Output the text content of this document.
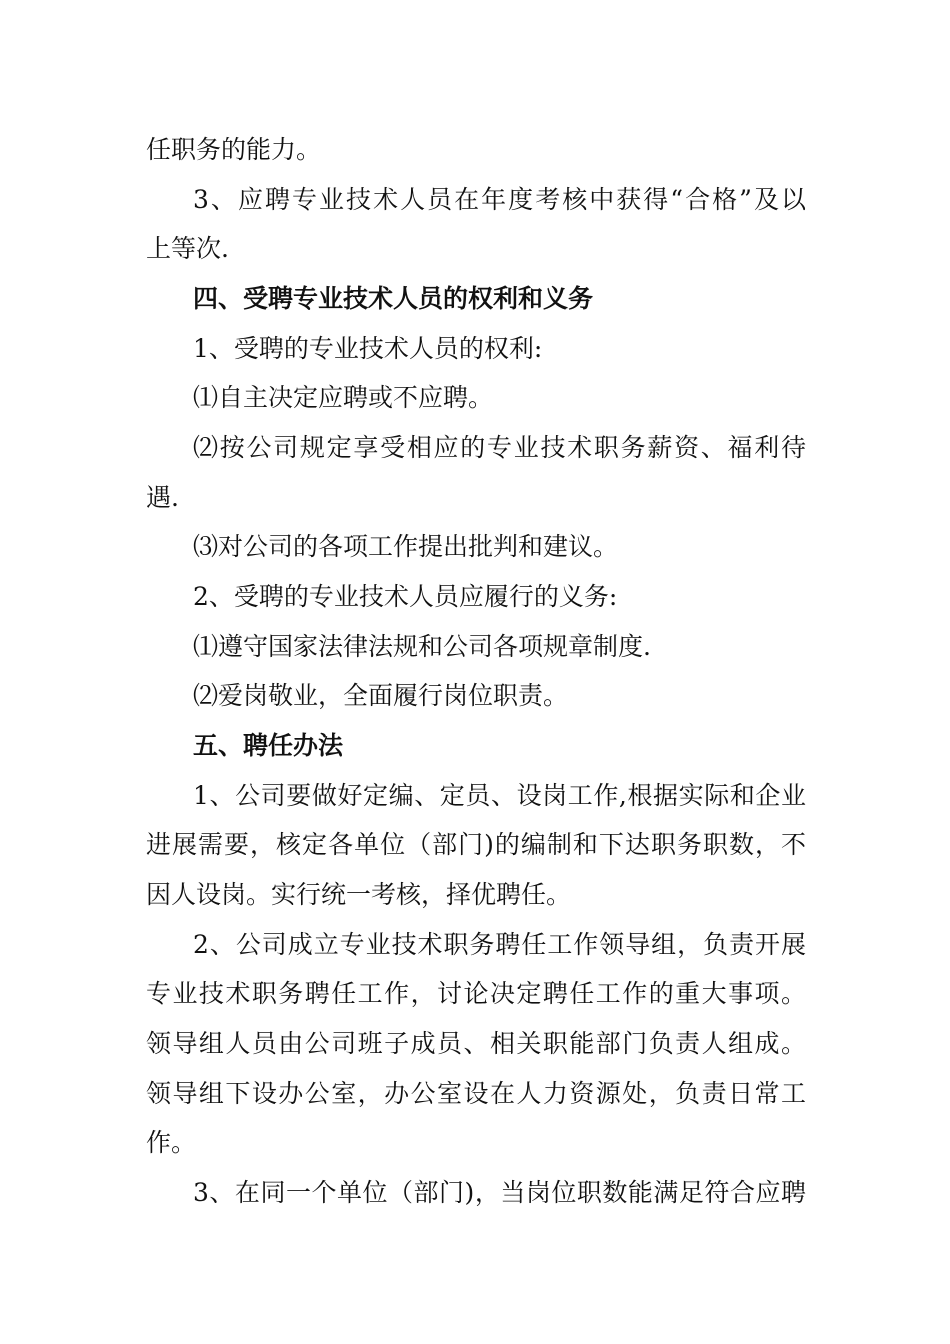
任职务的能力。
3、应聘专业技术人员在年度考核中获得“合格”及以
上等次.
四、受聘专业技术人员的权利和义务
1、受聘的专业技术人员的权利:
⑴自主决定应聘或不应聘。
⑵按公司规定享受相应的专业技术职务薪资、福利待
遇.
⑶对公司的各项工作提出批判和建议。
2、受聘的专业技术人员应履行的义务:
⑴遵守国家法律法规和公司各项规章制度.
⑵爱岗敬业，全面履行岗位职责。
五、聘任办法
1、公司要做好定编、定员、设岗工作,根据实际和企业
进展需要，核定各单位（部门)的编制和下达职务职数，不
因人设岗。实行统一考核，择优聘任。
2、公司成立专业技术职务聘任工作领导组，负责开展
专业技术职务聘任工作，讨论决定聘任工作的重大事项。
领导组人员由公司班子成员、相关职能部门负责人组成。
领导组下设办公室，办公室设在人力资源处，负责日常工
作。
3、在同一个单位（部门)，当岗位职数能满足符合应聘
